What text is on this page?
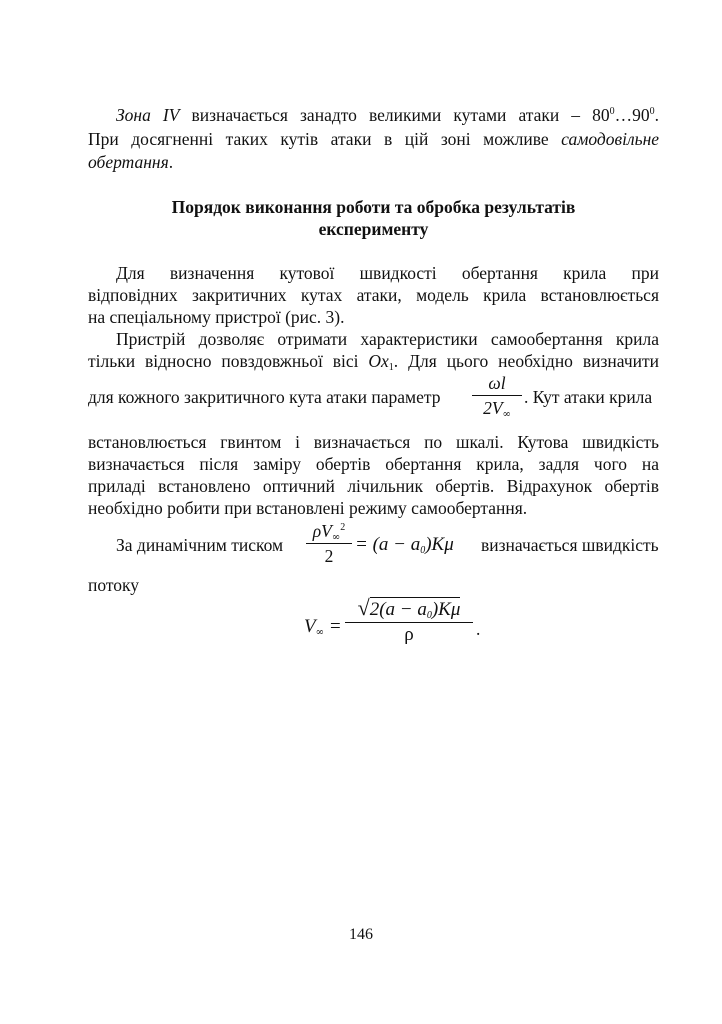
Зона IV визначається занадто великими кутами атаки – $80^0\dots 90^0$.
При досягненні таких кутів атаки в цій зоні можливе самодовільне
обертання.
Порядок виконання роботи та обробка результатів
експерименту
Для визначення кутової швидкості обертання крила при
відповідних закритичних кутах атаки, модель крила встановлюється
на спеціальному пристрої (рис. 3).
Пристрій дозволяє отримати характеристики самообертання крила
тільки відносно повздовжньої вісі $Ox_1$. Для цього необхідно визначити
для кожного закритичного кута атаки параметр
ωl
$2V_\infty$
. Кут атаки крила
встановлюється гвинтом і визначається по шкалі. Кутова швидкість
визначається після заміру обертів обертання крила, задля чого на
приладі встановлено оптичний лічильник обертів. Відрахунок обертів
необхідно робити при встановлені режиму самообертання.
За динамічним тиском
$\rho V_\infty^2$
2
= $(a - a_0)K\mu$ визначається швидкість
потоку
$V_\infty$ =
$√2(a - a_0)K\mu$
ρ	.
146
